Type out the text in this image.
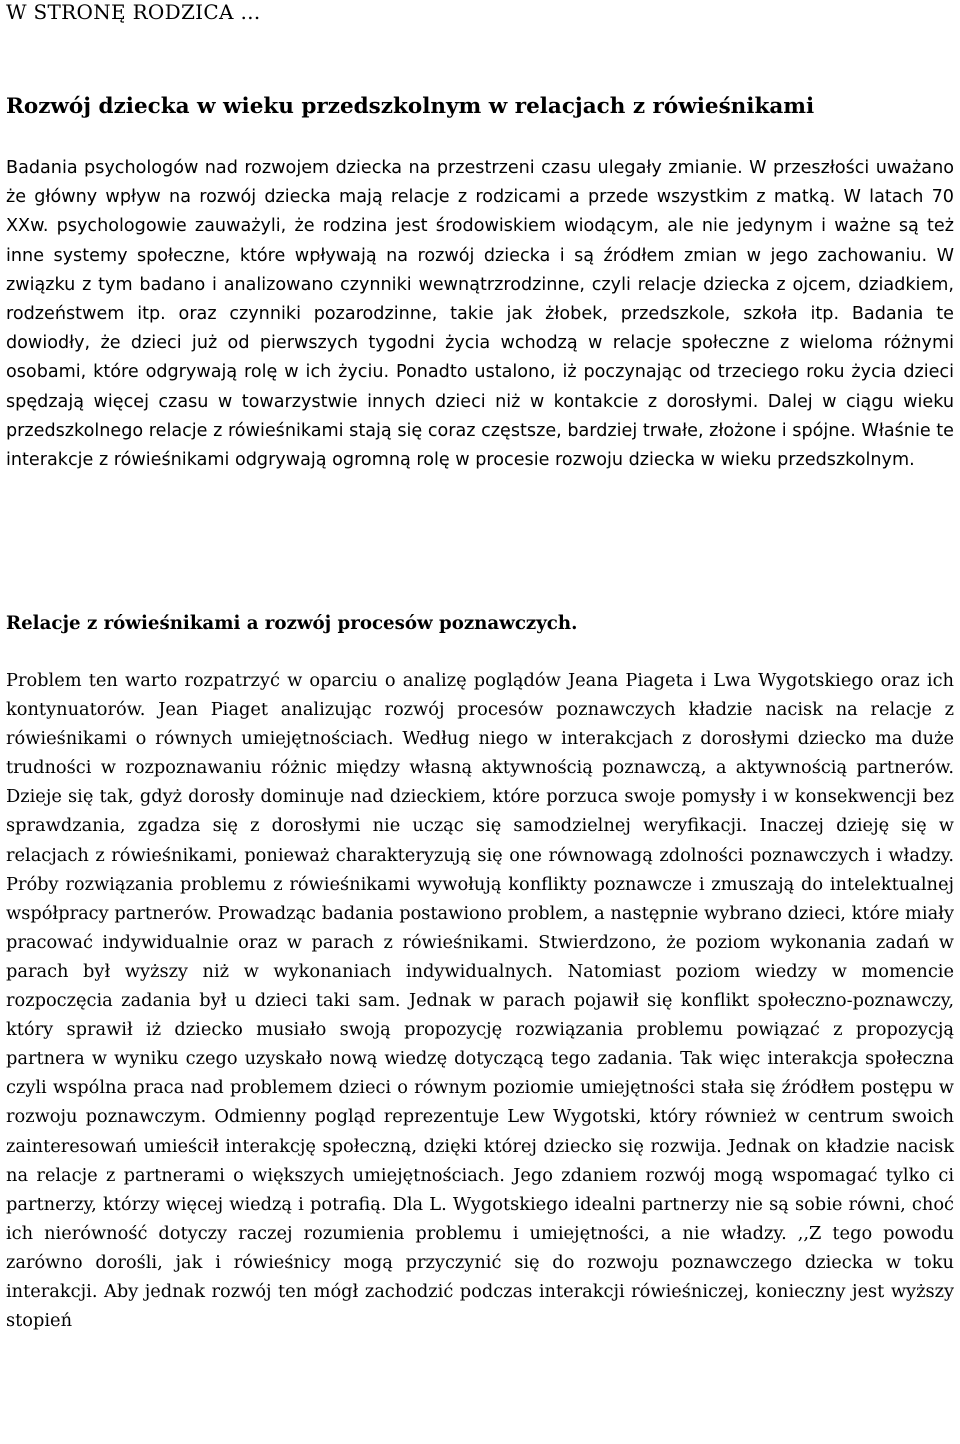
W STRONĘ RODZICA …

Rozwój dziecka w wieku przedszkolnym w relacjach z rówieśnikami

Badania psychologów nad rozwojem dziecka na przestrzeni czasu ulegały zmianie. W przeszłości uważano że główny wpływ na rozwój dziecka mają relacje z rodzicami a przede wszystkim z matką. W latach 70 XXw. psychologowie zauważyli, że rodzina jest środowiskiem wiodącym, ale nie jedynym i ważne są też inne systemy społeczne, które wpływają na rozwój dziecka i są źródłem zmian w jego zachowaniu. W związku z tym badano i analizowano czynniki wewnątrzrodzinne, czyli relacje dziecka z ojcem, dziadkiem, rodzeństwem itp. oraz czynniki pozarodzinne, takie jak żłobek, przedszkole, szkoła itp. Badania te dowiodły, że dzieci już od pierwszych tygodni życia wchodzą w relacje społeczne z wieloma różnymi osobami, które odgrywają rolę w ich życiu. Ponadto ustalono, iż poczynając od trzeciego roku życia dzieci spędzają więcej czasu w towarzystwie innych dzieci niż w kontakcie z dorosłymi. Dalej w ciągu wieku przedszkolnego relacje z rówieśnikami stają się coraz częstsze, bardziej trwałe, złożone i spójne. Właśnie te interakcje z rówieśnikami odgrywają ogromną rolę w procesie rozwoju dziecka w wieku przedszkolnym.

Relacje z rówieśnikami a rozwój procesów poznawczych.

Problem ten warto rozpatrzyć w oparciu o analizę poglądów Jeana Piageta i Lwa Wygotskiego oraz ich kontynuatorów. Jean Piaget analizując rozwój procesów poznawczych kładzie nacisk na relacje z rówieśnikami o równych umiejętnościach. Według niego w interakcjach z dorosłymi dziecko ma duże trudności w rozpoznawaniu różnic między własną aktywnością poznawczą, a aktywnością partnerów. Dzieje się tak, gdyż dorosły dominuje nad dzieckiem, które porzuca swoje pomysły i w konsekwencji bez sprawdzania, zgadza się z dorosłymi nie ucząc się samodzielnej weryfikacji. Inaczej dzieję się w relacjach z rówieśnikami, ponieważ charakteryzują się one równowagą zdolności poznawczych i władzy. Próby rozwiązania problemu z rówieśnikami wywołują konflikty poznawcze i zmuszają do intelektualnej współpracy partnerów. Prowadząc badania postawiono problem, a następnie wybrano dzieci, które miały pracować indywidualnie oraz w parach z rówieśnikami. Stwierdzono, że poziom wykonania zadań w parach był wyższy niż w wykonaniach indywidualnych. Natomiast poziom wiedzy w momencie rozpoczęcia zadania był u dzieci taki sam. Jednak w parach pojawił się konflikt społeczno-poznawczy, który sprawił iż dziecko musiało swoją propozycję rozwiązania problemu powiązać z propozycją partnera w wyniku czego uzyskało nową wiedzę dotyczącą tego zadania. Tak więc interakcja społeczna czyli wspólna praca nad problemem dzieci o równym poziomie umiejętności stała się źródłem postępu w rozwoju poznawczym. Odmienny pogląd reprezentuje Lew Wygotski, który również w centrum swoich zainteresowań umieścił interakcję społeczną, dzięki której dziecko się rozwija. Jednak on kładzie nacisk na relacje z partnerami o większych umiejętnościach. Jego zdaniem rozwój mogą wspomagać tylko ci partnerzy, którzy więcej wiedzą i potrafią. Dla L. Wygotskiego idealni partnerzy nie są sobie równi, choć ich nierówność dotyczy raczej rozumienia problemu i umiejętności, a nie władzy. ,,Z tego powodu zarówno dorośli, jak i rówieśnicy mogą przyczynić się do rozwoju poznawczego dziecka w toku interakcji. Aby jednak rozwój ten mógł zachodzić podczas interakcji rówieśniczej, konieczny jest wyższy stopień
